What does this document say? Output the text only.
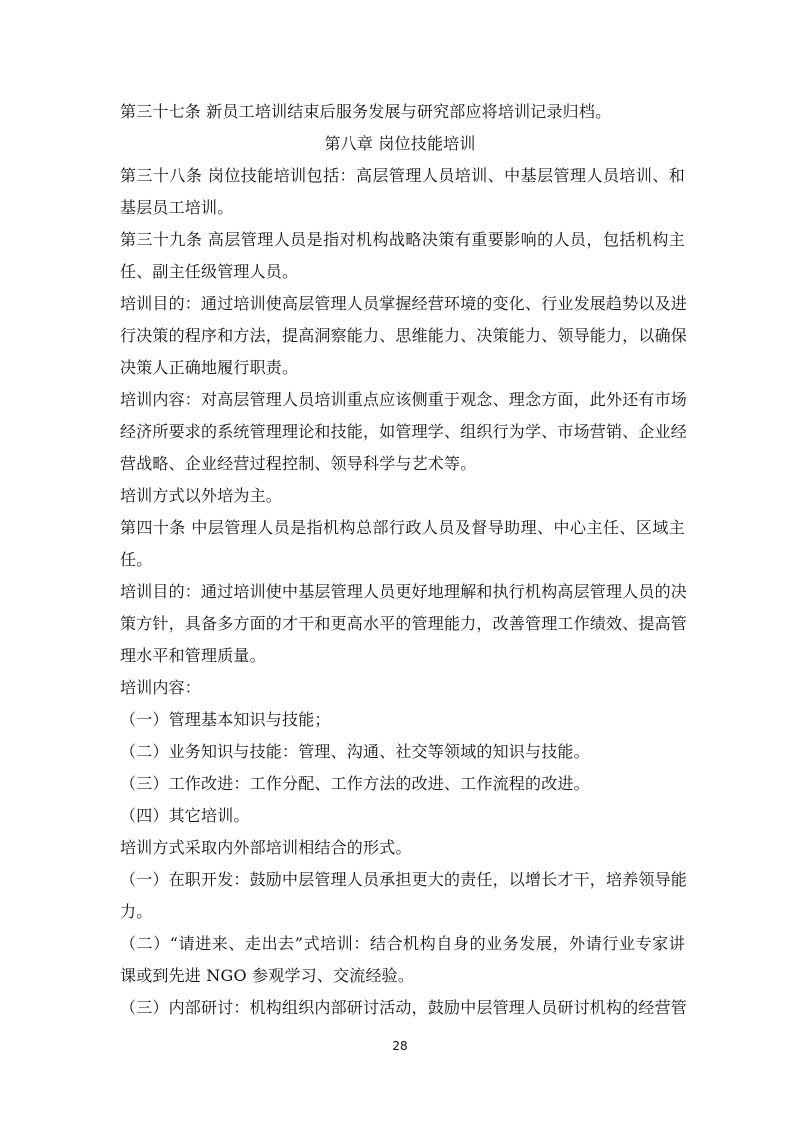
第三十七条 新员工培训结束后服务发展与研究部应将培训记录归档。
第八章 岗位技能培训
第三十八条 岗位技能培训包括：高层管理人员培训、中基层管理人员培训、和
基层员工培训。
第三十九条 高层管理人员是指对机构战略决策有重要影响的人员，包括机构主
任、副主任级管理人员。
培训目的：通过培训使高层管理人员掌握经营环境的变化、行业发展趋势以及进
行决策的程序和方法，提高洞察能力、思维能力、决策能力、领导能力，以确保
决策人正确地履行职责。
培训内容：对高层管理人员培训重点应该侧重于观念、理念方面，此外还有市场
经济所要求的系统管理理论和技能，如管理学、组织行为学、市场营销、企业经
营战略、企业经营过程控制、领导科学与艺术等。
培训方式以外培为主。
第四十条 中层管理人员是指机构总部行政人员及督导助理、中心主任、区域主
任。
培训目的：通过培训使中基层管理人员更好地理解和执行机构高层管理人员的决
策方针，具备多方面的才干和更高水平的管理能力，改善管理工作绩效、提高管
理水平和管理质量。
培训内容：
（一）管理基本知识与技能；
（二）业务知识与技能：管理、沟通、社交等领域的知识与技能。
（三）工作改进：工作分配、工作方法的改进、工作流程的改进。
（四）其它培训。
培训方式采取内外部培训相结合的形式。
（一）在职开发：鼓励中层管理人员承担更大的责任，以增长才干，培养领导能
力。
（二）“请进来、走出去”式培训：结合机构自身的业务发展，外请行业专家讲
课或到先进 NGO 参观学习、交流经验。
（三）内部研讨：机构组织内部研讨活动，鼓励中层管理人员研讨机构的经营管
28
